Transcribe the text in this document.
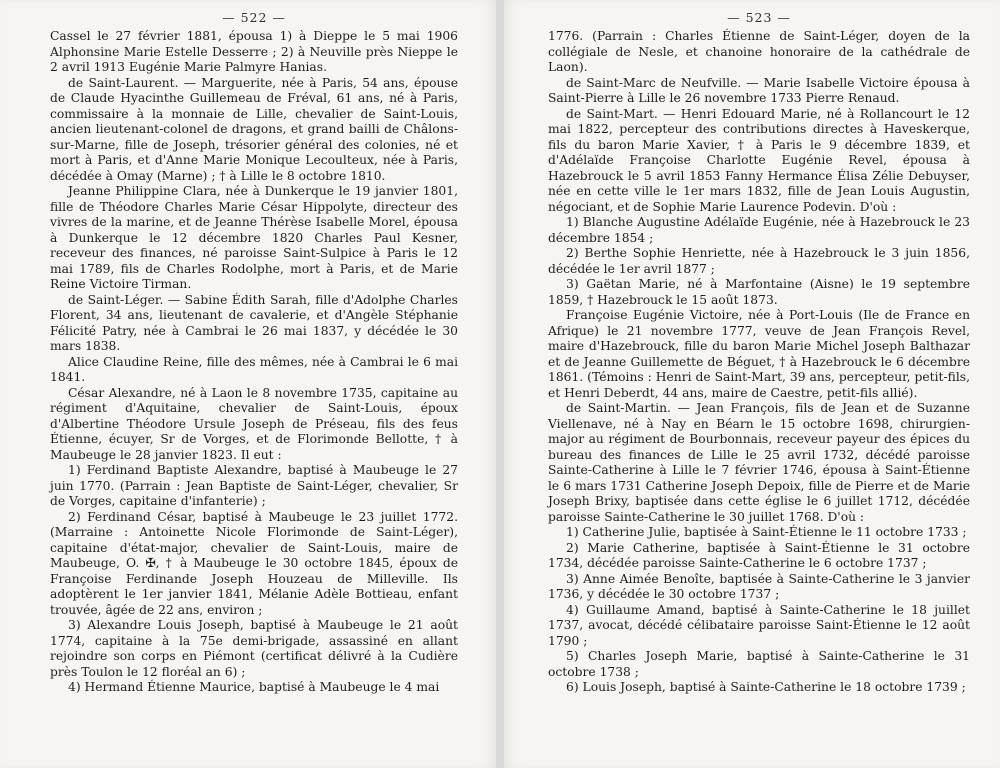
— 522 —

Cassel le 27 février 1881, épousa 1) à Dieppe le 5 mai 1906 Alphonsine Marie Estelle Desserre ; 2) à Neuville près Nieppe le 2 avril 1913 Eugénie Marie Palmyre Hanias.

de Saint-Laurent. — Marguerite, née à Paris, 54 ans, épouse de Claude Hyacinthe Guillemeau de Fréval, 61 ans, né à Paris, commissaire à la monnaie de Lille, chevalier de Saint-Louis, ancien lieutenant-colonel de dragons, et grand bailli de Châlons-sur-Marne, fille de Joseph, trésorier général des colonies, né et mort à Paris, et d'Anne Marie Monique Lecoulteux, née à Paris, décédée à Omay (Marne) ; † à Lille le 8 octobre 1810.

Jeanne Philippine Clara, née à Dunkerque le 19 janvier 1801, fille de Théodore Charles Marie César Hippolyte, directeur des vivres de la marine, et de Jeanne Thérèse Isabelle Morel, épousa à Dunkerque le 12 décembre 1820 Charles Paul Kesner, receveur des finances, né paroisse Saint-Sulpice à Paris le 12 mai 1789, fils de Charles Rodolphe, mort à Paris, et de Marie Reine Victoire Tirman.

de Saint-Léger. — Sabine Édith Sarah, fille d'Adolphe Charles Florent, 34 ans, lieutenant de cavalerie, et d'Angèle Stéphanie Félicité Patry, née à Cambrai le 26 mai 1837, y décédée le 30 mars 1838.

Alice Claudine Reine, fille des mêmes, née à Cambrai le 6 mai 1841.

César Alexandre, né à Laon le 8 novembre 1735, capitaine au régiment d'Aquitaine, chevalier de Saint-Louis, époux d'Albertine Théodore Ursule Joseph de Préseau, fils des feus Étienne, écuyer, Sr de Vorges, et de Florimonde Bellotte, † à Maubeuge le 28 janvier 1823. Il eut :

1) Ferdinand Baptiste Alexandre, baptisé à Maubeuge le 27 juin 1770. (Parrain : Jean Baptiste de Saint-Léger, chevalier, Sr de Vorges, capitaine d'infanterie) ;

2) Ferdinand César, baptisé à Maubeuge le 23 juillet 1772. (Marraine : Antoinette Nicole Florimonde de Saint-Léger), capitaine d'état-major, chevalier de Saint-Louis, maire de Maubeuge, O. ✠, † à Maubeuge le 30 octobre 1845, époux de Françoise Ferdinande Joseph Houzeau de Milleville. Ils adoptèrent le 1er janvier 1841, Mélanie Adèle Bottieau, enfant trouvée, âgée de 22 ans, environ ;

3) Alexandre Louis Joseph, baptisé à Maubeuge le 21 août 1774, capitaine à la 75e demi-brigade, assassiné en allant rejoindre son corps en Piémont (certificat délivré à la Cudière près Toulon le 12 floréal an 6) ;

4) Hermand Étienne Maurice, baptisé à Maubeuge le 4 mai

— 523 —

1776. (Parrain : Charles Étienne de Saint-Léger, doyen de la collégiale de Nesle, et chanoine honoraire de la cathédrale de Laon).

de Saint-Marc de Neufville. — Marie Isabelle Victoire épousa à Saint-Pierre à Lille le 26 novembre 1733 Pierre Renaud.

de Saint-Mart. — Henri Edouard Marie, né à Rollancourt le 12 mai 1822, percepteur des contributions directes à Haveskerque, fils du baron Marie Xavier, † à Paris le 9 décembre 1839, et d'Adélaïde Françoise Charlotte Eugénie Revel, épousa à Hazebrouck le 5 avril 1853 Fanny Hermance Élisa Zélie Debuyser, née en cette ville le 1er mars 1832, fille de Jean Louis Augustin, négociant, et de Sophie Marie Laurence Podevin. D'où :

1) Blanche Augustine Adélaïde Eugénie, née à Hazebrouck le 23 décembre 1854 ;

2) Berthe Sophie Henriette, née à Hazebrouck le 3 juin 1856, décédée le 1er avril 1877 ;

3) Gaëtan Marie, né à Marfontaine (Aisne) le 19 septembre 1859, † Hazebrouck le 15 août 1873.

Françoise Eugénie Victoire, née à Port-Louis (Ile de France en Afrique) le 21 novembre 1777, veuve de Jean François Revel, maire d'Hazebrouck, fille du baron Marie Michel Joseph Balthazar et de Jeanne Guillemette de Béguet, † à Hazebrouck le 6 décembre 1861. (Témoins : Henri de Saint-Mart, 39 ans, percepteur, petit-fils, et Henri Deberdt, 44 ans, maire de Caestre, petit-fils allié).

de Saint-Martin. — Jean François, fils de Jean et de Suzanne Viellenave, né à Nay en Béarn le 15 octobre 1698, chirurgien-major au régiment de Bourbonnais, receveur payeur des épices du bureau des finances de Lille le 25 avril 1732, décédé paroisse Sainte-Catherine à Lille le 7 février 1746, épousa à Saint-Étienne le 6 mars 1731 Catherine Joseph Depoix, fille de Pierre et de Marie Joseph Brixy, baptisée dans cette église le 6 juillet 1712, décédée paroisse Sainte-Catherine le 30 juillet 1768. D'où :

1) Catherine Julie, baptisée à Saint-Étienne le 11 octobre 1733 ;

2) Marie Catherine, baptisée à Saint-Étienne le 31 octobre 1734, décédée paroisse Sainte-Catherine le 6 octobre 1737 ;

3) Anne Aimée Benoîte, baptisée à Sainte-Catherine le 3 janvier 1736, y décédée le 30 octobre 1737 ;

4) Guillaume Amand, baptisé à Sainte-Catherine le 18 juillet 1737, avocat, décédé célibataire paroisse Saint-Étienne le 12 août 1790 ;

5) Charles Joseph Marie, baptisé à Sainte-Catherine le 31 octobre 1738 ;

6) Louis Joseph, baptisé à Sainte-Catherine le 18 octobre 1739 ;
